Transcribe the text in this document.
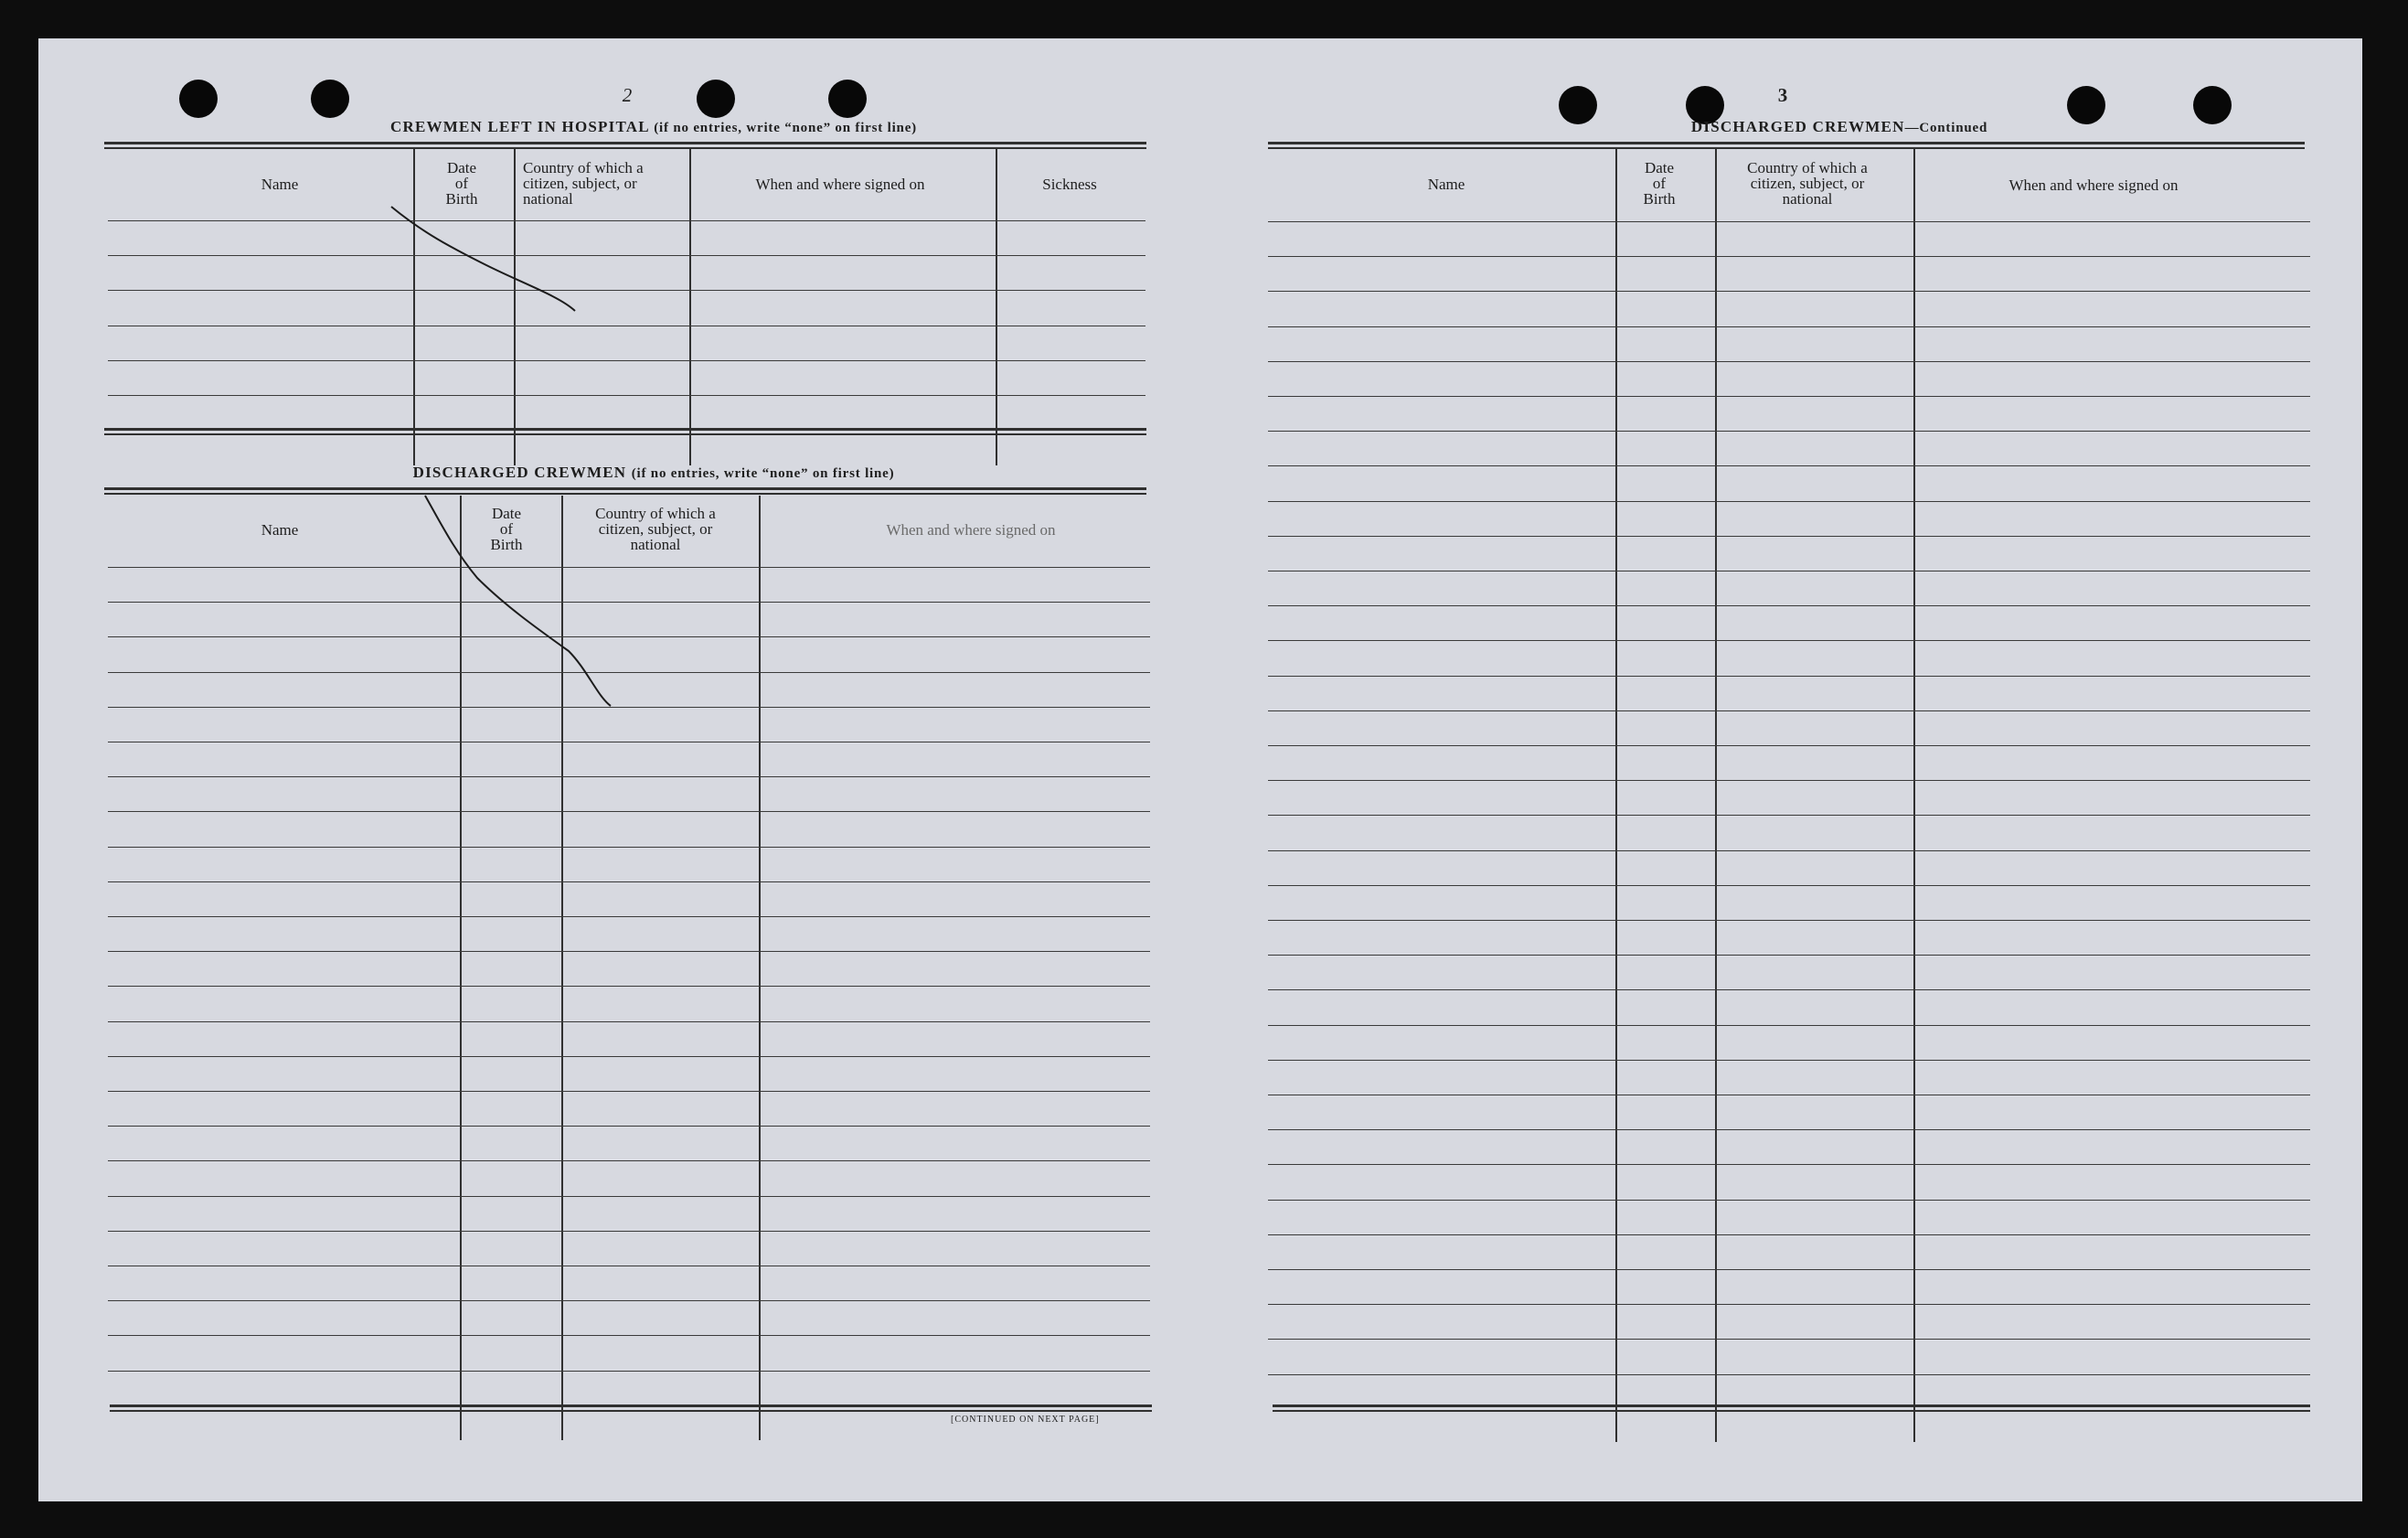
2
CREWMEN LEFT IN HOSPITAL (if no entries, write “none” on first line)
Name
Date
of
Birth
Country of which a
citizen, subject, or
national
When and where signed on	Sickness
DISCHARGED CREWMEN (if no entries, write “none” on first line)
Name
Date
of
Birth
Country of which a
citizen, subject, or
national
When and where signed on
[CONTINUED ON NEXT PAGE]
3
DISCHARGED CREWMEN—Continued
Name
Date
of
Birth
Country of which a
citizen, subject, or
national
When and where signed on
